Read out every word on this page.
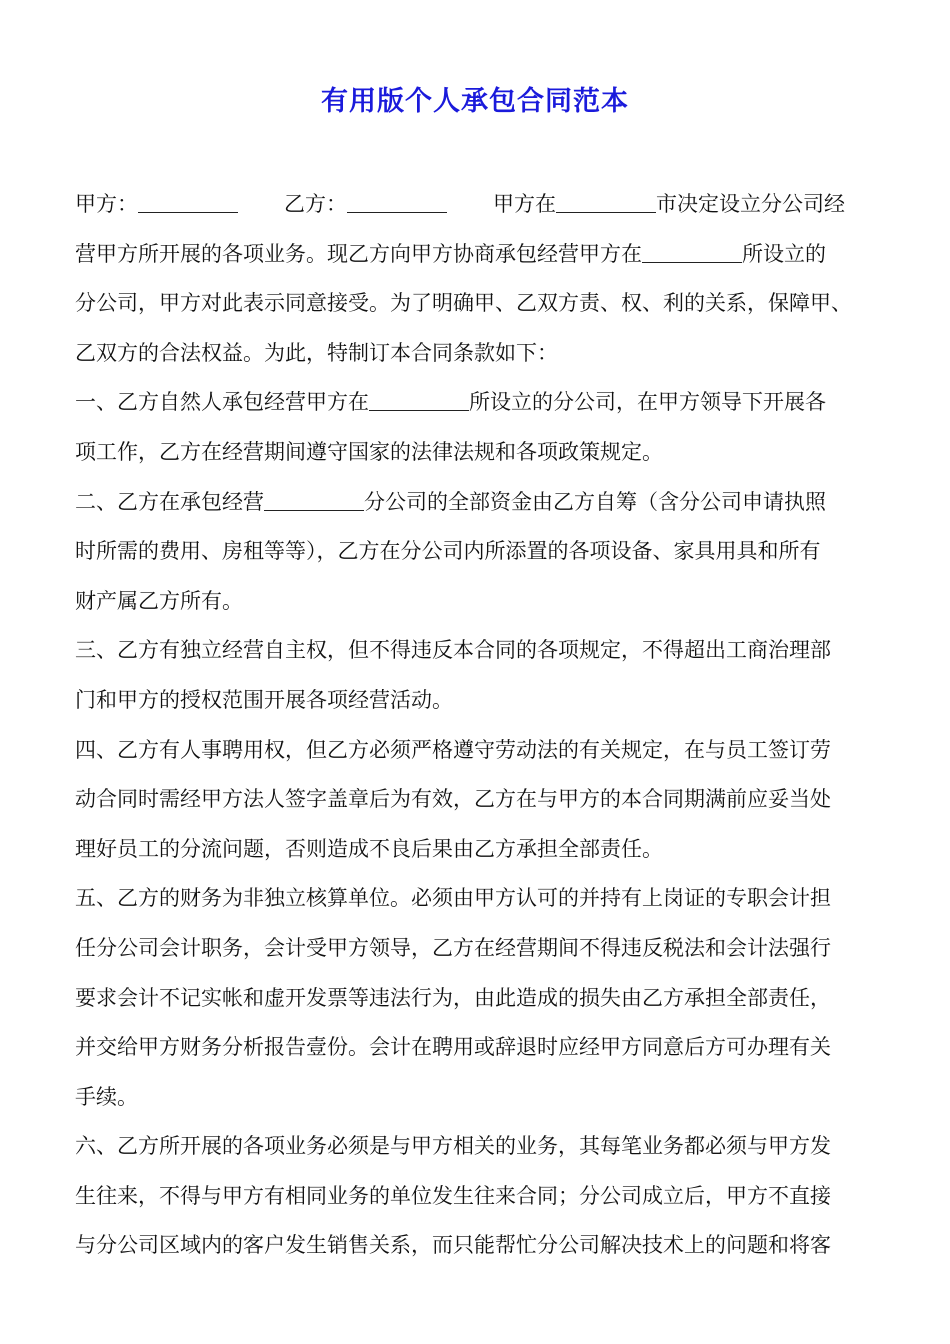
有用版个人承包合同范本
甲方：	乙方：	甲方在	市决定设立分公司经
营甲方所开展的各项业务。现乙方向甲方协商承包经营甲方在	所设立的
分公司，甲方对此表示同意接受。为了明确甲、乙双方责、权、利的关系，保障甲、
乙双方的合法权益。为此，特制订本合同条款如下：
一、乙方自然人承包经营甲方在	所设立的分公司，在甲方领导下开展各
项工作，乙方在经营期间遵守国家的法律法规和各项政策规定。
二、乙方在承包经营	分公司的全部资金由乙方自筹（含分公司申请执照
时所需的费用、房租等等），乙方在分公司内所添置的各项设备、家具用具和所有
财产属乙方所有。
三、乙方有独立经营自主权，但不得违反本合同的各项规定，不得超出工商治理部
门和甲方的授权范围开展各项经营活动。
四、乙方有人事聘用权，但乙方必须严格遵守劳动法的有关规定，在与员工签订劳
动合同时需经甲方法人签字盖章后为有效，乙方在与甲方的本合同期满前应妥当处
理好员工的分流问题，否则造成不良后果由乙方承担全部责任。
五、乙方的财务为非独立核算单位。必须由甲方认可的并持有上岗证的专职会计担
任分公司会计职务，会计受甲方领导，乙方在经营期间不得违反税法和会计法强行
要求会计不记实帐和虚开发票等违法行为，由此造成的损失由乙方承担全部责任，
并交给甲方财务分析报告壹份。会计在聘用或辞退时应经甲方同意后方可办理有关
手续。
六、乙方所开展的各项业务必须是与甲方相关的业务，其每笔业务都必须与甲方发
生往来，不得与甲方有相同业务的单位发生往来合同；分公司成立后，甲方不直接
与分公司区域内的客户发生销售关系，而只能帮忙分公司解决技术上的问题和将客
